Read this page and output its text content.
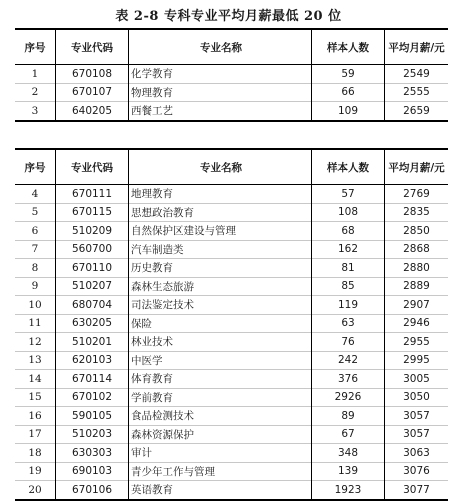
表 2-8 专科专业平均月薪最低 20 位
序号	专业代码	专业名称	样本人数	平均月薪/元
1	670108	化学教育	59	2549
2	670107	物理教育	66	2555
3	640205	西餐工艺	109	2659
序号	专业代码	专业名称	样本人数	平均月薪/元
4	670111	地理教育	57	2769
5	670115	思想政治教育	108	2835
6	510209	自然保护区建设与管理	68	2850
7	560700	汽车制造类	162	2868
8	670110	历史教育	81	2880
9	510207	森林生态旅游	85	2889
10	680704	司法鉴定技术	119	2907
11	630205	保险	63	2946
12	510201	林业技术	76	2955
13	620103	中医学	242	2995
14	670114	体育教育	376	3005
15	670102	学前教育	2926	3050
16	590105	食品检测技术	89	3057
17	510203	森林资源保护	67	3057
18	630303	审计	348	3063
19	690103	青少年工作与管理	139	3076
20	670106	英语教育	1923	3077
